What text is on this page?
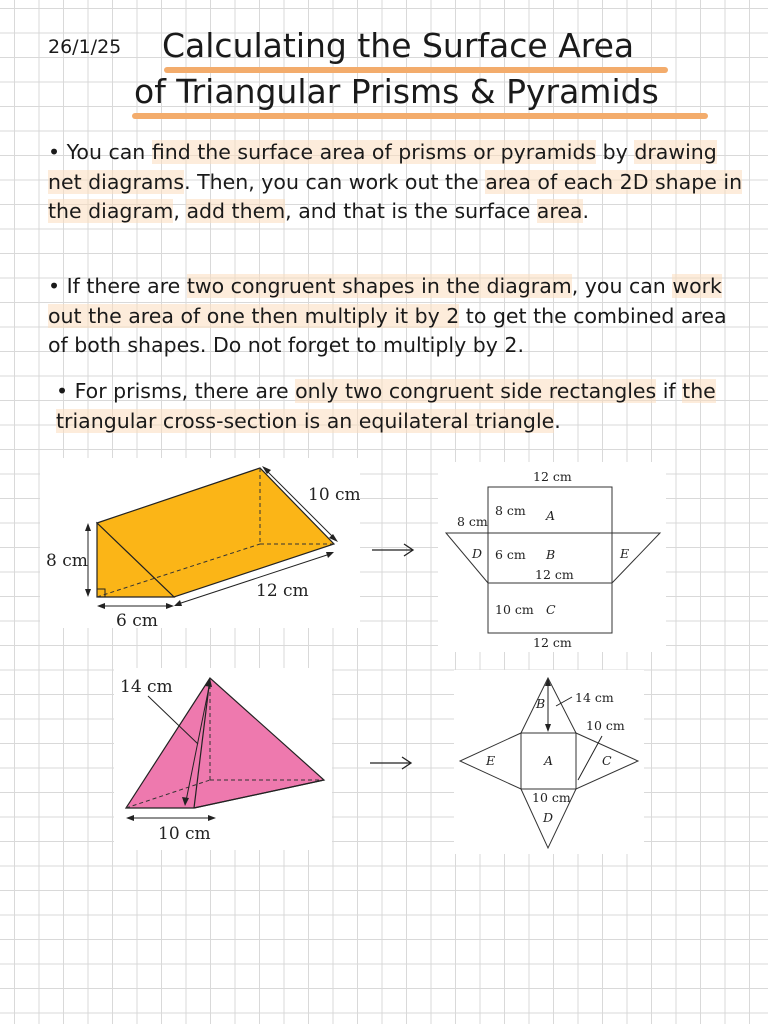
26/1/25 Calculating the Surface Area
of Triangular Prisms & Pyramids
• You can find the surface area of prisms or pyramids by drawing net diagrams. Then, you can work out the area of each 2D shape in the diagram, add them, and that is the surface area.
• If there are two congruent shapes in the diagram, you can work out the area of one then multiply it by 2 to get the combined area of both shapes. Do not forget to multiply by 2.
• For prisms, there are only two congruent side rectangles if the triangular cross-section is an equilateral triangle.
10 cm
8 cm
12 cm
6 cm
12 cm
8 cm A
8 cm
D 6 cm B	E
12 cm
10 cm C
12 cm
14 cm
10 cm
B 14 cm
10 cm
E	A	C
10 cm
D
